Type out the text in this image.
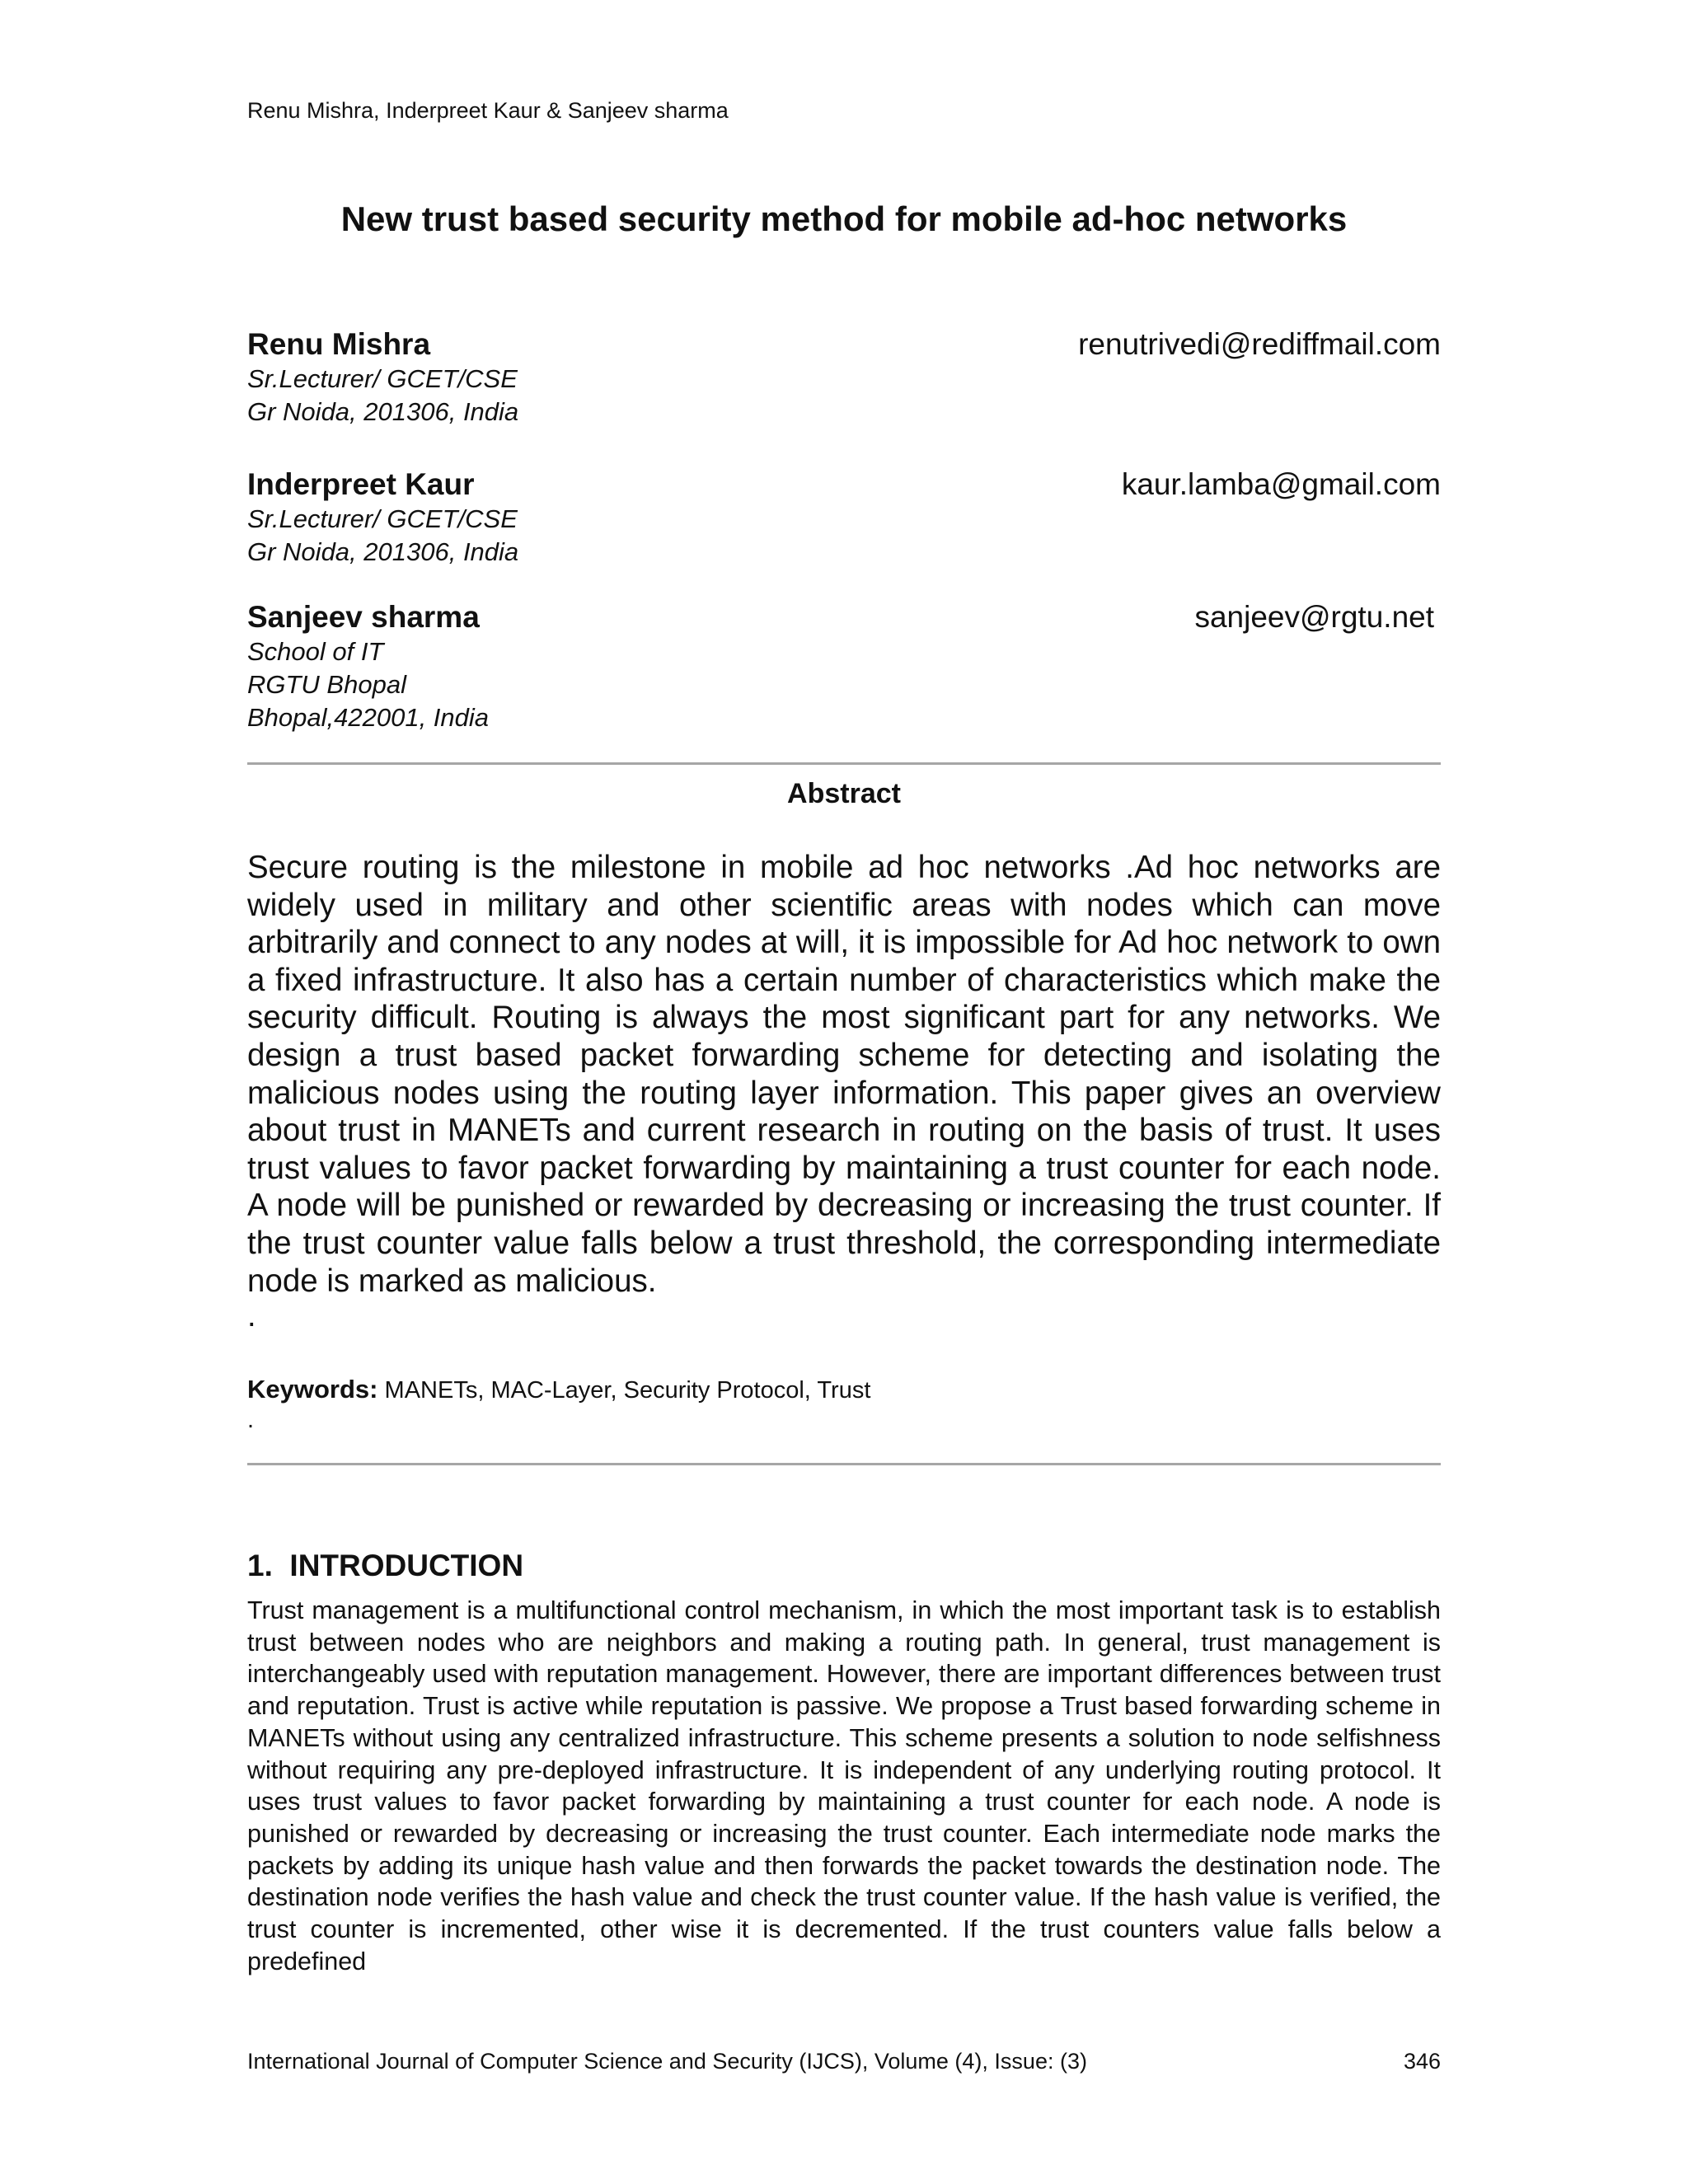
Renu Mishra, Inderpreet Kaur & Sanjeev sharma
New trust based security method for mobile ad-hoc networks
Renu Mishra
Sr.Lecturer/ GCET/CSE
Gr Noida, 201306, India
renutrivedi@rediffmail.com
Inderpreet Kaur
Sr.Lecturer/ GCET/CSE
Gr Noida, 201306, India
kaur.lamba@gmail.com
Sanjeev sharma
School of IT
RGTU Bhopal
Bhopal,422001, India
sanjeev@rgtu.net
Abstract

Secure routing is the milestone in mobile ad hoc networks .Ad hoc networks are widely used in military and other scientific areas with nodes which can move arbitrarily and connect to any nodes at will, it is impossible for Ad hoc network to own a fixed infrastructure. It also has a certain number of characteristics which make the security difficult. Routing is always the most significant part for any networks. We design a trust based packet forwarding scheme for detecting and isolating the malicious nodes using the routing layer information. This paper gives an overview about trust in MANETs and current research in routing on the basis of trust. It uses trust values to favor packet forwarding by maintaining a trust counter for each node. A node will be punished or rewarded by decreasing or increasing the trust counter. If the trust counter value falls below a trust threshold, the corresponding intermediate node is marked as malicious.

.
Keywords: MANETs, MAC-Layer, Security Protocol, Trust
.
1.  INTRODUCTION

Trust management is a multifunctional control mechanism, in which the most important task is to establish trust between nodes who are neighbors and making a routing path. In general, trust management is interchangeably used with reputation management. However, there are important differences between trust and reputation. Trust is active while reputation is passive. We propose a Trust based forwarding scheme in MANETs without using any centralized infrastructure. This scheme presents a solution to node selfishness without requiring any pre-deployed infrastructure. It is independent of any underlying routing protocol. It uses trust values to favor packet forwarding by maintaining a trust counter for each node. A node is punished or rewarded by decreasing or increasing the trust counter. Each intermediate node marks the packets by adding its unique hash value and then forwards the packet towards the destination node. The destination node verifies the hash value and check the trust counter value. If the hash value is verified, the trust counter is incremented, other wise it is decremented. If the trust counters value falls below a predefined

International Journal of Computer Science and Security (IJCS), Volume (4), Issue: (3)	346
